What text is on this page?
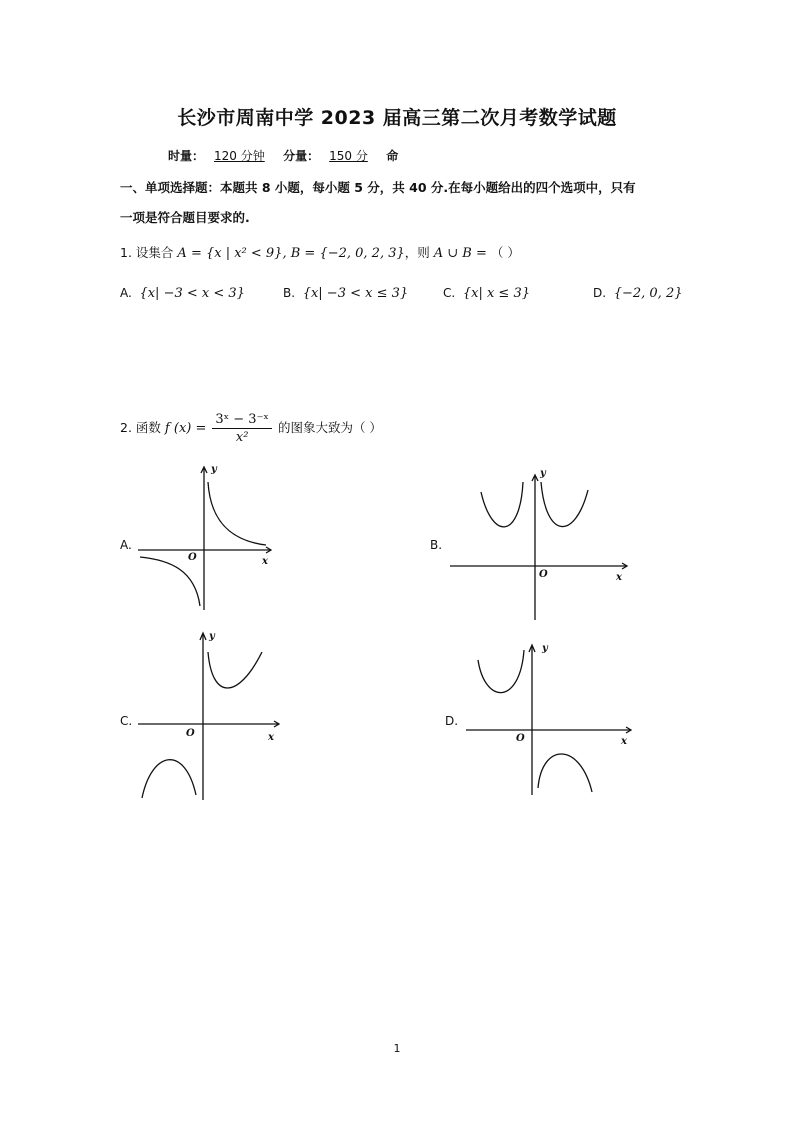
长沙市周南中学 2023 届高三第二次月考数学试题
时量： 120 分钟 分量： 150 分 命
一、单项选择题：本题共 8 小题，每小题 5 分，共 40 分.在每小题给出的四个选项中，只有
一项是符合题目要求的.
1. 设集合 A = {x | x² < 9}, B = {−2, 0, 2, 3}，则 A ∪ B = （ ）
A. {x| −3 < x < 3}	B. {x| −3 < x ≤ 3}	C. {x| x ≤ 3}	D. {−2, 0, 2}
2. 函数 f $(x) = \frac{\text{3ˣ − 3⁻ˣ}}{\text{x²}}$ 的图象大致为（ ）
A.
y
x
O
B.
y
x
O
C.
y
x
O
D.
y
x
O
1
